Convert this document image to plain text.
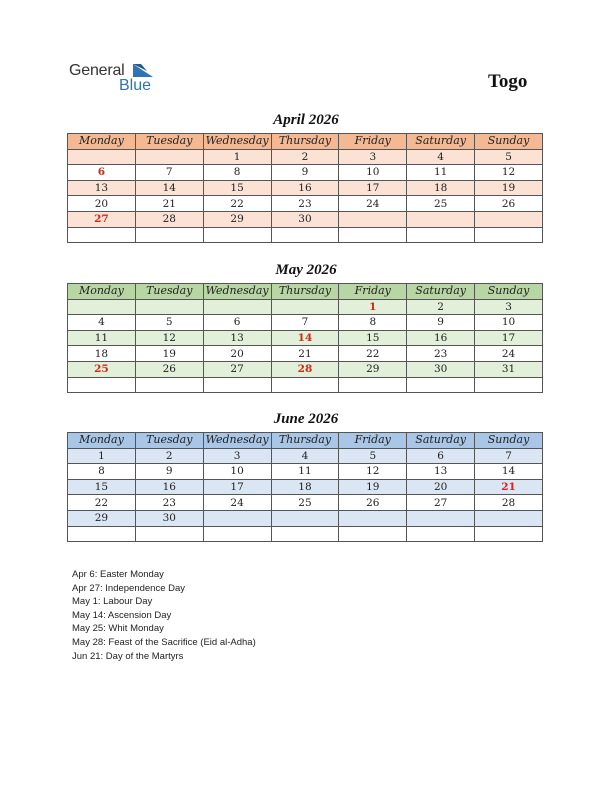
General
Blue	Togo
April 2026
Monday	Tuesday	Wednesday	Thursday	Friday	Saturday	Sunday
		1	2	3	4	5
6	7	8	9	10	11	12
13	14	15	16	17	18	19
20	21	22	23	24	25	26
27	28	29	30			

May 2026
Monday	Tuesday	Wednesday	Thursday	Friday	Saturday	Sunday
				1	2	3
4	5	6	7	8	9	10
11	12	13	14	15	16	17
18	19	20	21	22	23	24
25	26	27	28	29	30	31

June 2026
Monday	Tuesday	Wednesday	Thursday	Friday	Saturday	Sunday
1	2	3	4	5	6	7
8	9	10	11	12	13	14
15	16	17	18	19	20	21
22	23	24	25	26	27	28
29	30					

Apr 6: Easter Monday
Apr 27: Independence Day
May 1: Labour Day
May 14: Ascension Day
May 25: Whit Monday
May 28: Feast of the Sacrifice (Eid al-Adha)
Jun 21: Day of the Martyrs
